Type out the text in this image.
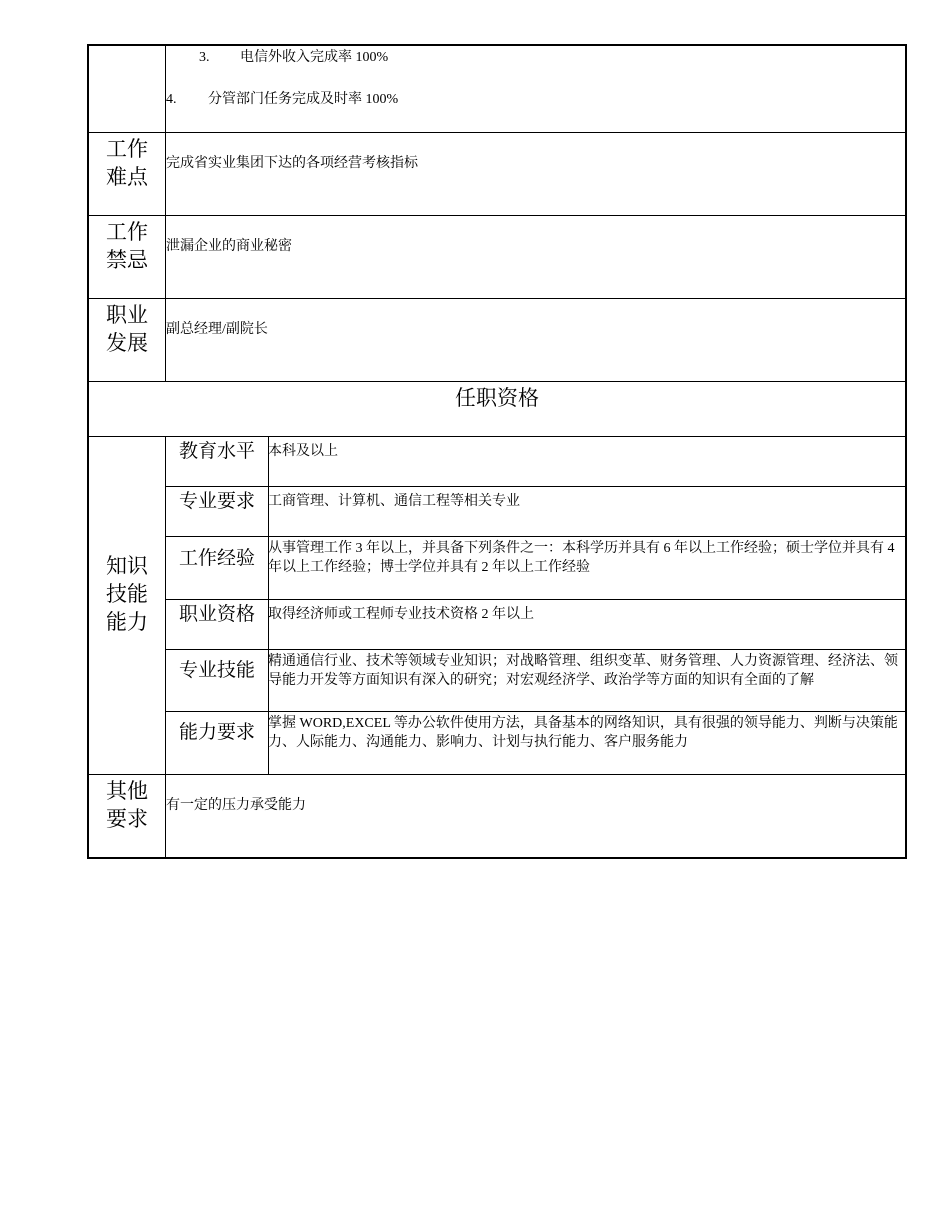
3. 电信外收入完成率 100%
4. 分管部门任务完成及时率 100%
工作
难点
完成省实业集团下达的各项经营考核指标
工作
禁忌
泄漏企业的商业秘密
职业
发展
副总经理/副院长
任职资格
知识
技能
能力
教育水平 本科及以上
专业要求 工商管理、计算机、通信工程等相关专业
工作经验 从事管理工作 3 年以上，并具备下列条件之一：本科学历并具有 6 年以上工作经验；硕士学位并具有 4 年以上工作经验；博士学位并具有 2 年以上工作经验
职业资格 取得经济师或工程师专业技术资格 2 年以上
专业技能 精通通信行业、技术等领域专业知识；对战略管理、组织变革、财务管理、人力资源管理、经济法、领导能力开发等方面知识有深入的研究；对宏观经济学、政治学等方面的知识有全面的了解
能力要求 掌握 WORD,EXCEL 等办公软件使用方法，具备基本的网络知识，具有很强的领导能力、判断与决策能力、人际能力、沟通能力、影响力、计划与执行能力、客户服务能力
其他
要求
有一定的压力承受能力
